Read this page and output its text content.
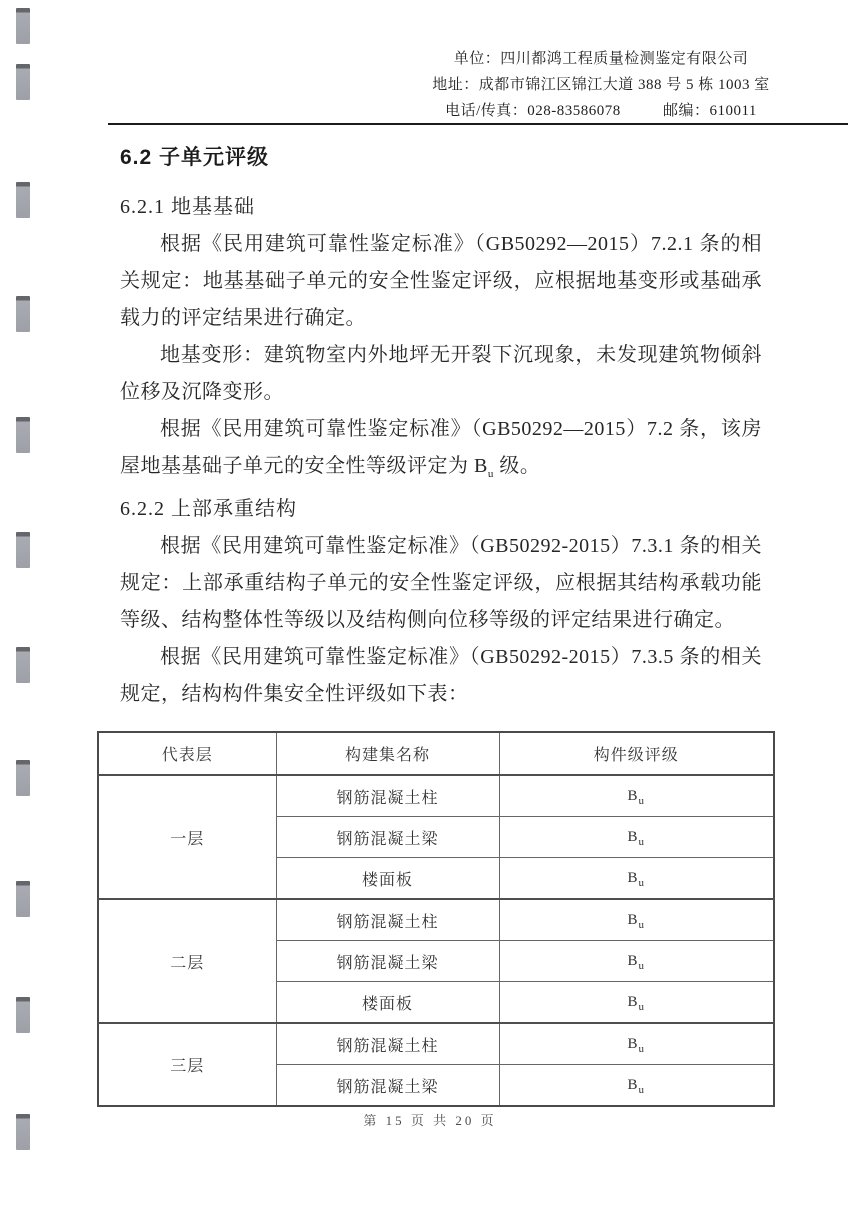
单位：四川都鸿工程质量检测鉴定有限公司
地址：成都市锦江区锦江大道 388 号 5 栋 1003 室
电话/传真：028-83586078	邮编：610011
6.2 子单元评级
6.2.1 地基基础

根据《民用建筑可靠性鉴定标准》（GB50292—2015）7.2.1 条的相关规定：地基基础子单元的安全性鉴定评级，应根据地基变形或基础承载力的评定结果进行确定。

地基变形：建筑物室内外地坪无开裂下沉现象，未发现建筑物倾斜位移及沉降变形。

根据《民用建筑可靠性鉴定标准》（GB50292—2015）7.2 条，该房屋地基基础子单元的安全性等级评定为 $B_u$ 级。

6.2.2 上部承重结构

根据《民用建筑可靠性鉴定标准》（GB50292-2015）7.3.1 条的相关规定：上部承重结构子单元的安全性鉴定评级，应根据其结构承载功能等级、结构整体性等级以及结构侧向位移等级的评定结果进行确定。

根据《民用建筑可靠性鉴定标准》（GB50292-2015）7.3.5 条的相关规定，结构构件集安全性评级如下表：

代表层	构建集名称	构件级评级
一层	钢筋混凝土柱	$B_u$
	钢筋混凝土梁	$B_u$
	楼面板	$B_u$
二层	钢筋混凝土柱	$B_u$
	钢筋混凝土梁	$B_u$
	楼面板	$B_u$
三层	钢筋混凝土柱	$B_u$
	钢筋混凝土梁	$B_u$
第 15 页 共 20 页
